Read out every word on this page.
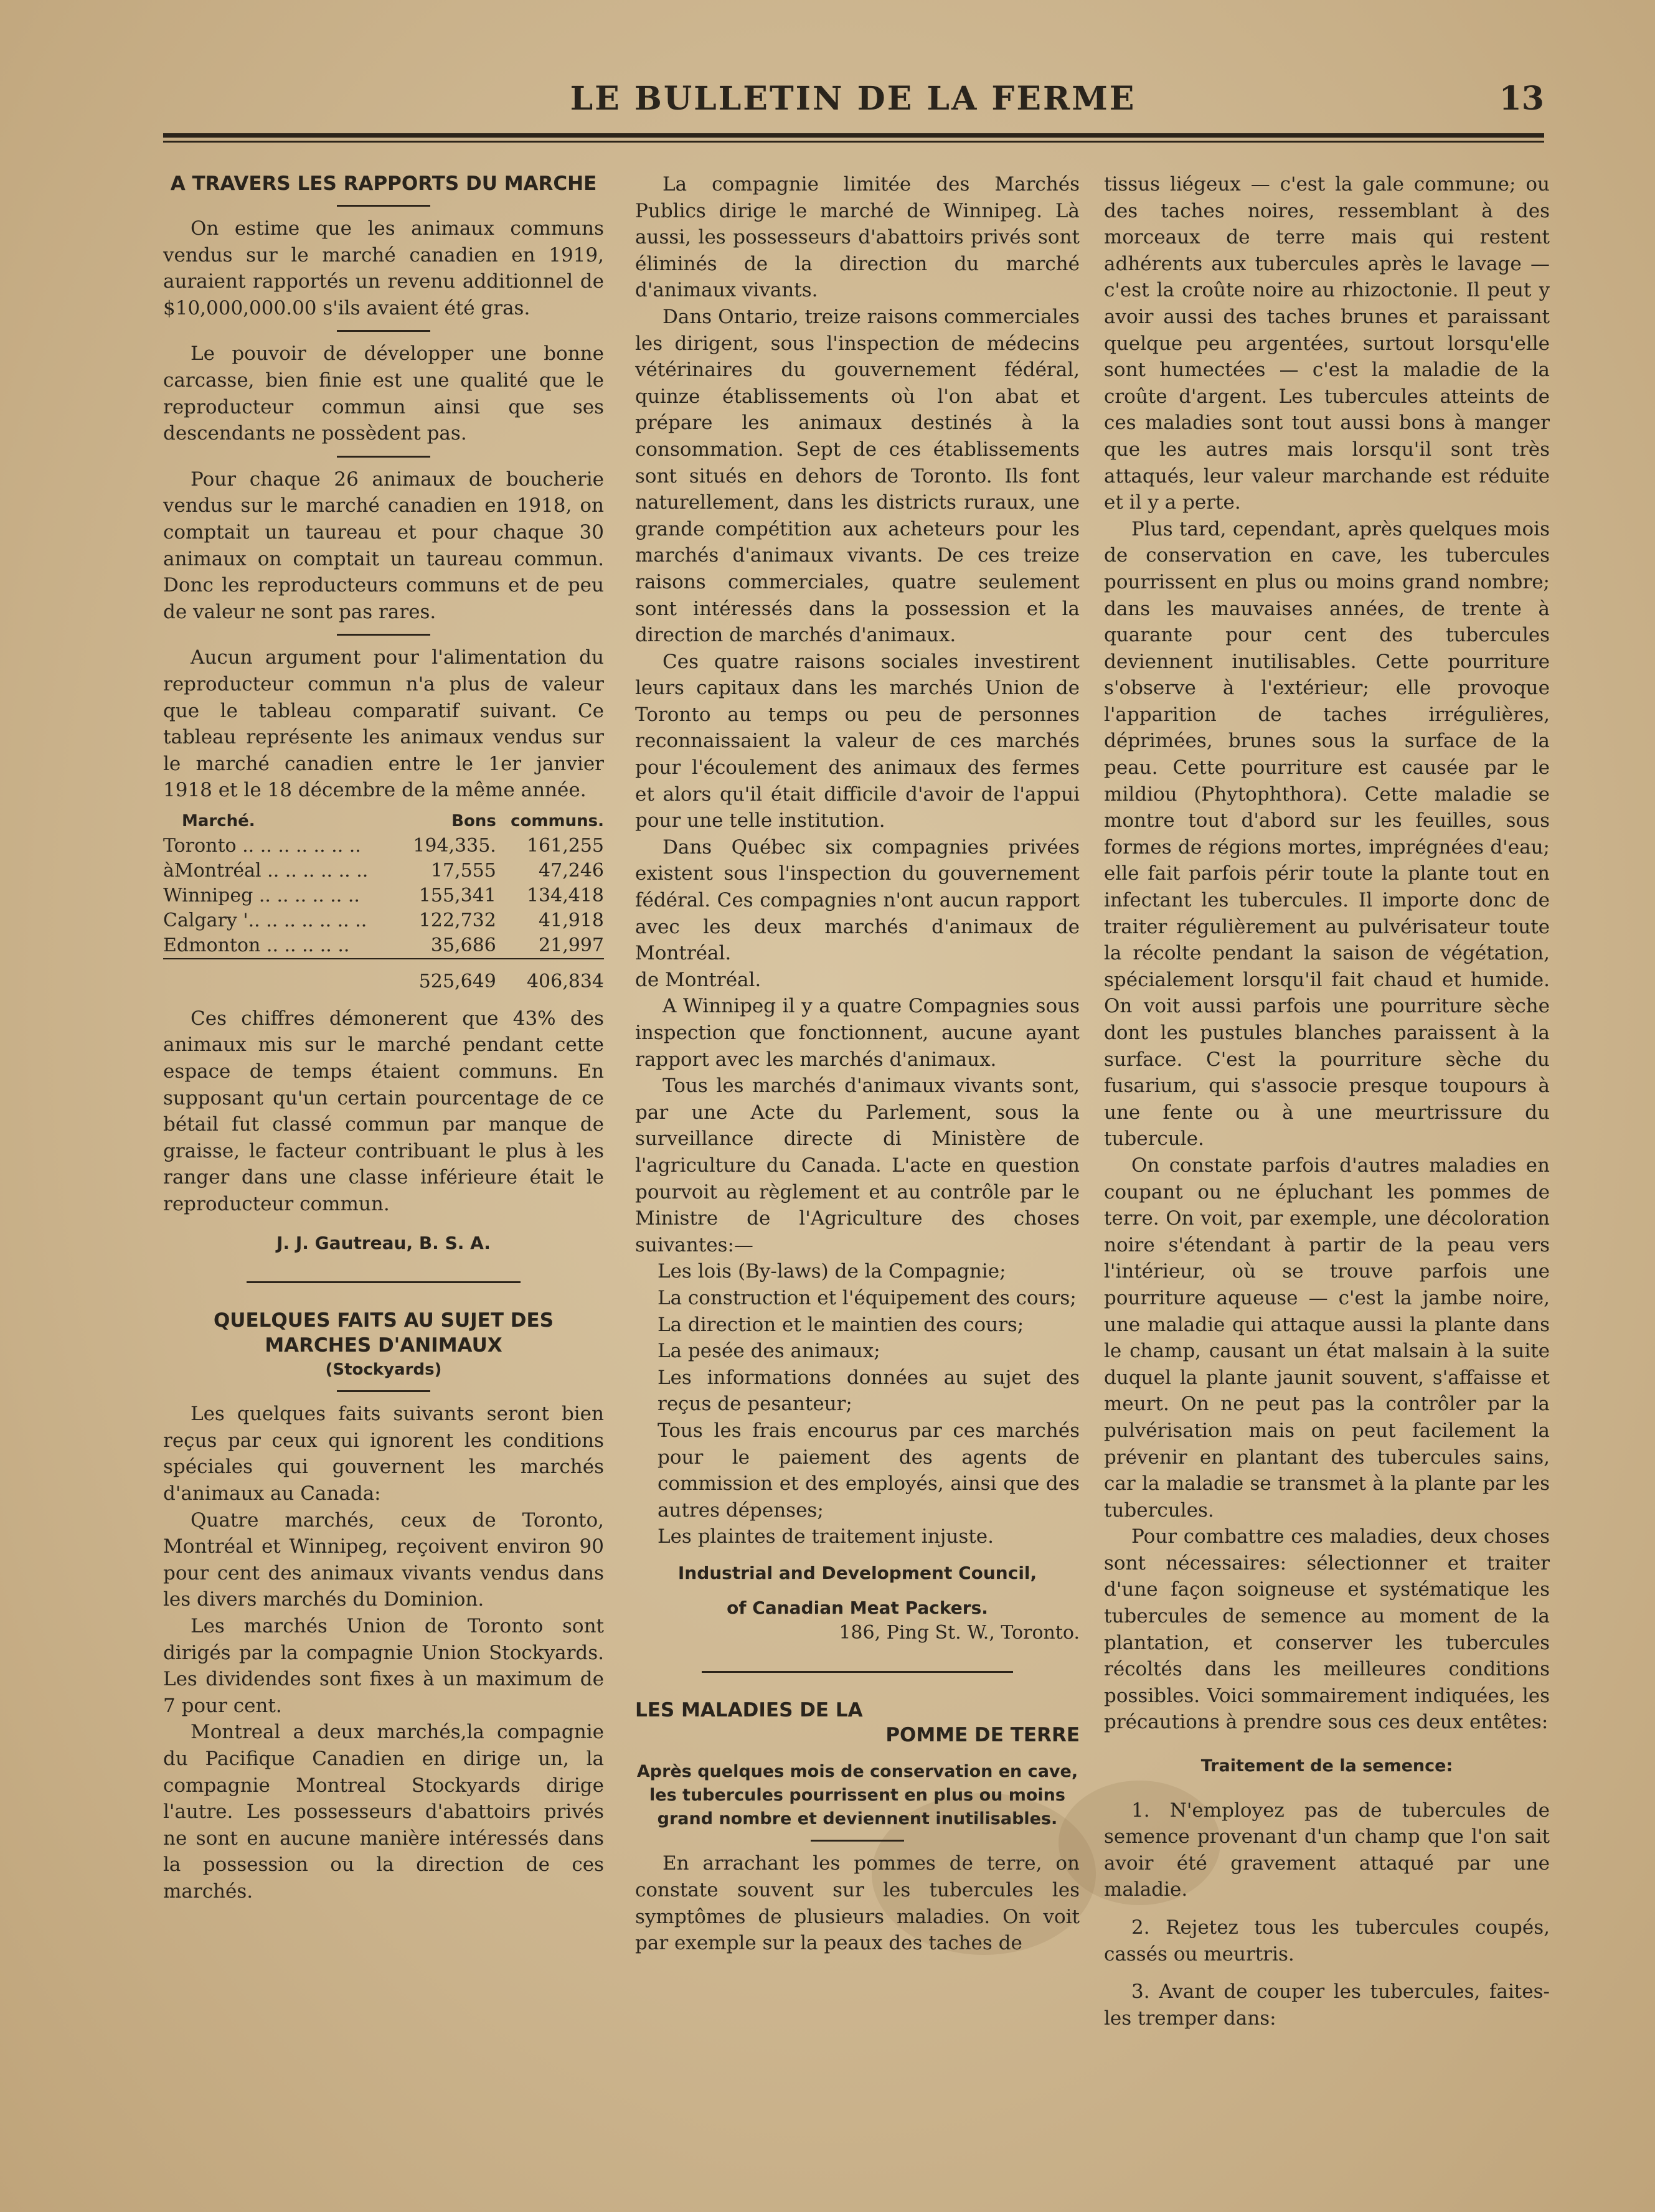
LE BULLETIN DE LA FERME	13
A TRAVERS LES RAPPORTS DU MARCHE

On estime que les animaux communs vendus sur le marché canadien en 1919, auraient rapportés un revenu additionnel de $10,000,000.00 s'ils avaient été gras.

Le pouvoir de développer une bonne carcasse, bien finie est une qualité que le reproducteur commun ainsi que ses descendants ne possèdent pas.

Pour chaque 26 animaux de boucherie vendus sur le marché canadien en 1918, on comptait un taureau et pour chaque 30 animaux on comptait un taureau commun. Donc les reproducteurs communs et de peu de valeur ne sont pas rares.

Aucun argument pour l'alimentation du reproducteur commun n'a plus de valeur que le tableau comparatif suivant. Ce tableau représente les animaux vendus sur le marché canadien entre le 1er janvier 1918 et le 18 décembre de la même année.

Marché.	Bons	communs.
Toronto .. .. .. .. .. .. ..	194,335.	161,255
àMontréal .. .. .. .. .. ..	17,555	47,246
Winnipeg .. .. .. .. .. ..	155,341	134,418
Calgary '.. .. .. .. .. .. ..	122,732	41,918
Edmonton .. .. .. .. ..	35,686	21,997
	525,649	406,834

Ces chiffres démonerent que 43% des animaux mis sur le marché pendant cette espace de temps étaient communs. En supposant qu'un certain pourcentage de ce bétail fut classé commun par manque de graisse, le facteur contribuant le plus à les ranger dans une classe inférieure était le reproducteur commun.

J. J. Gautreau, B. S. A.
QUELQUES FAITS AU SUJET DES MARCHES D'ANIMAUX
(Stockyards)

Les quelques faits suivants seront bien reçus par ceux qui ignorent les conditions spéciales qui gouvernent les marchés d'animaux au Canada:

Quatre marchés, ceux de Toronto, Montréal et Winnipeg, reçoivent environ 90 pour cent des animaux vivants vendus dans les divers marchés du Dominion.

Les marchés Union de Toronto sont dirigés par la compagnie Union Stockyards. Les dividendes sont fixes à un maximum de 7 pour cent.

Montreal a deux marchés,la compagnie du Pacifique Canadien en dirige un, la compagnie Montreal Stockyards dirige l'autre. Les possesseurs d'abattoirs privés ne sont en aucune manière intéressés dans la possession ou la direction de ces marchés.

La compagnie limitée des Marchés Publics dirige le marché de Winnipeg. Là aussi, les possesseurs d'abattoirs privés sont éliminés de la direction du marché d'animaux vivants.

Dans Ontario, treize raisons commerciales les dirigent, sous l'inspection de médecins vétérinaires du gouvernement fédéral, quinze établissements où l'on abat et prépare les animaux destinés à la consommation. Sept de ces établissements sont situés en dehors de Toronto. Ils font naturellement, dans les districts ruraux, une grande compétition aux acheteurs pour les marchés d'animaux vivants. De ces treize raisons commerciales, quatre seulement sont intéressés dans la possession et la direction de marchés d'animaux.

Ces quatre raisons sociales investirent leurs capitaux dans les marchés Union de Toronto au temps ou peu de personnes reconnaissaient la valeur de ces marchés pour l'écoulement des animaux des fermes et alors qu'il était difficile d'avoir de l'appui pour une telle institution.

Dans Québec six compagnies privées existent sous l'inspection du gouvernement fédéral. Ces compagnies n'ont aucun rapport avec les deux marchés d'animaux de Montréal.

de Montréal.

A Winnipeg il y a quatre Compagnies sous inspection que fonctionnent, aucune ayant rapport avec les marchés d'animaux.

Tous les marchés d'animaux vivants sont, par une Acte du Parlement, sous la surveillance directe di Ministère de l'agriculture du Canada. L'acte en question pourvoit au règlement et au contrôle par le Ministre de l'Agriculture des choses suivantes:—

Les lois (By-laws) de la Compagnie;

La construction et l'équipement des cours;

La direction et le maintien des cours;

La pesée des animaux;

Les informations données au sujet des reçus de pesanteur;

Tous les frais encourus par ces marchés pour le paiement des agents de commission et des employés, ainsi que des autres dépenses;

Les plaintes de traitement injuste.

Industrial and Development Council,
of Canadian Meat Packers.
186, Ping St. W., Toronto.
LES MALADIES DE LA
POMME DE TERRE
Après quelques mois de conservation en cave, les tubercules pourrissent en plus ou moins grand nombre et deviennent inutilisables.

En arrachant les pommes de terre, on constate souvent sur les tubercules les symptômes de plusieurs maladies. On voit par exemple sur la peaux des taches de

tissus liégeux — c'est la gale commune; ou des taches noires, ressemblant à des morceaux de terre mais qui restent adhérents aux tubercules après le lavage — c'est la croûte noire au rhizoctonie. Il peut y avoir aussi des taches brunes et paraissant quelque peu argentées, surtout lorsqu'elle sont humectées — c'est la maladie de la croûte d'argent. Les tubercules atteints de ces maladies sont tout aussi bons à manger que les autres mais lorsqu'il sont très attaqués, leur valeur marchande est réduite et il y a perte.

Plus tard, cependant, après quelques mois de conservation en cave, les tubercules pourrissent en plus ou moins grand nombre; dans les mauvaises années, de trente à quarante pour cent des tubercules deviennent inutilisables. Cette pourriture s'observe à l'extérieur; elle provoque l'apparition de taches irrégulières, déprimées, brunes sous la surface de la peau. Cette pourriture est causée par le mildiou (Phytophthora). Cette maladie se montre tout d'abord sur les feuilles, sous formes de régions mortes, imprégnées d'eau; elle fait parfois périr toute la plante tout en infectant les tubercules. Il importe donc de traiter régulièrement au pulvérisateur toute la récolte pendant la saison de végétation, spécialement lorsqu'il fait chaud et humide. On voit aussi parfois une pourriture sèche dont les pustules blanches paraissent à la surface. C'est la pourriture sèche du fusarium, qui s'associe presque toupours à une fente ou à une meurtrissure du tubercule.

On constate parfois d'autres maladies en coupant ou ne épluchant les pommes de terre. On voit, par exemple, une décoloration noire s'étendant à partir de la peau vers l'intérieur, où se trouve parfois une pourriture aqueuse — c'est la jambe noire, une maladie qui attaque aussi la plante dans le champ, causant un état malsain à la suite duquel la plante jaunit souvent, s'affaisse et meurt. On ne peut pas la contrôler par la pulvérisation mais on peut facilement la prévenir en plantant des tubercules sains, car la maladie se transmet à la plante par les tubercules.

Pour combattre ces maladies, deux choses sont nécessaires: sélectionner et traiter d'une façon soigneuse et systématique les tubercules de semence au moment de la plantation, et conserver les tubercules récoltés dans les meilleures conditions possibles. Voici sommairement indiquées, les précautions à prendre sous ces deux entêtes:

Traitement de la semence:

1. N'employez pas de tubercules de semence provenant d'un champ que l'on sait avoir été gravement attaqué par une maladie.

2. Rejetez tous les tubercules coupés, cassés ou meurtris.

3. Avant de couper les tubercules, faites-les tremper dans:
